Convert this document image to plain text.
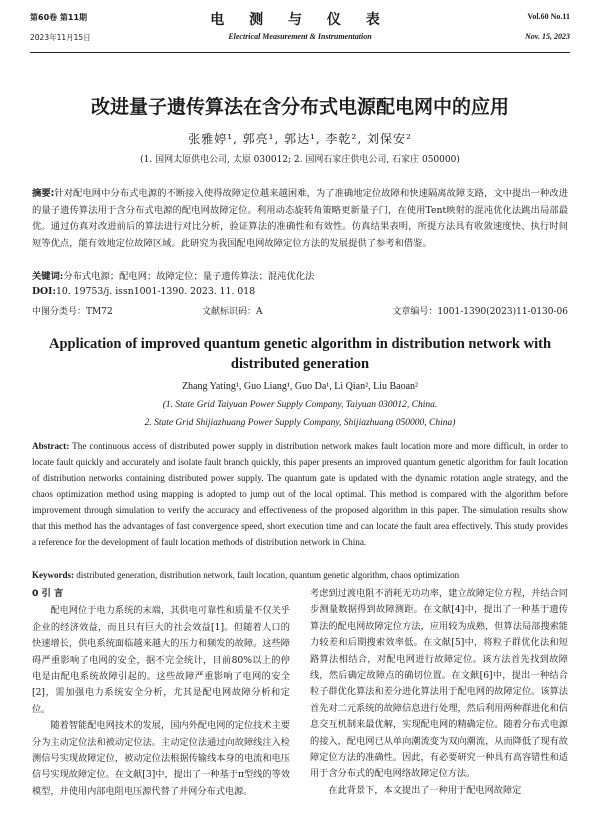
第60卷 第11期
2023年11月15日
电 测 与 仪 表
Electrical Measurement & Instrumentation
Vol.60 No.11
Nov. 15, 2023
改进量子遗传算法在含分布式电源配电网中的应用
张雅婷¹, 郭亮¹, 郭达¹, 李乾², 刘保安²
(1. 国网太原供电公司, 太原 030012; 2. 国网石家庄供电公司, 石家庄 050000)
摘要:针对配电网中分布式电源的不断接入使得故障定位越来越困难，为了准确地定位故障和快速隔离故障支路，文中提出一种改进的量子遗传算法用于含分布式电源的配电网故障定位。利用动态旋转角策略更新量子门，在使用Tent映射的混沌优化法跳出局部最优。通过仿真对改进前后的算法进行对比分析，验证算法的准确性和有效性。仿真结果表明，所提方法具有收敛速度快、执行时间短等优点，能有效地定位故障区域。此研究为我国配电网故障定位方法的发展提供了参考和借鉴。
关键词:分布式电源；配电网；故障定位；量子遗传算法；混沌优化法
DOI:10. 19753/j. issn1001-1390. 2023. 11. 018
中图分类号：TM72	文献标识码：A	文章编号：1001-1390(2023)11-0130-06
Application of improved quantum genetic algorithm in distribution network with distributed generation
Zhang Yating¹, Guo Liang¹, Guo Da¹, Li Qian², Liu Baoan²
(1. State Grid Taiyuan Power Supply Company, Taiyuan 030012, China.
2. State Grid Shijiazhuang Power Supply Company, Shijiazhuang 050000, China)
Abstract: The continuous access of distributed power supply in distribution network makes fault location more and more difficult, in order to locate fault quickly and accurately and isolate fault branch quickly, this paper presents an improved quantum genetic algorithm for fault location of distribution networks containing distributed power supply. The quantum gate is updated with the dynamic rotation angle strategy, and the chaos optimization method using mapping is adopted to jump out of the local optimal. This method is compared with the algorithm before improvement through simulation to verify the accuracy and effectiveness of the proposed algorithm in this paper. The simulation results show that this method has the advantages of fast convergence speed, short execution time and can locate the fault area effectively. This study provides a reference for the development of fault location methods of distribution network in China.
Keywords: distributed generation, distribution network, fault location, quantum genetic algorithm, chaos optimization
0 引 言

配电网位于电力系统的末端，其供电可靠性和质量不仅关乎企业的经济效益，而且只有巨大的社会效益[1]。但随着人口的快速增长，供电系统面临越来越大的压力和频发的故障。这些障碍严重影响了电网的安全，据不完全统计，目前80%以上的停电是由配电系统故障引起的。这些故障严重影响了电网的安全[2]，需加强电力系统安全分析，尤其是配电网故障分析和定位。

随着智能配电网技术的发展，国内外配电网的定位技术主要分为主动定位法和被动定位法。主动定位法通过向故障线注入检测信号实现故障定位，被动定位法根据传输线本身的电流和电压信号实现故障定位。在文献[3]中，提出了一种基于π型线的等效模型，并使用内部电阻电压源代替了并网分布式电源。

考虑到过渡电阻不消耗无功功率，建立故障定位方程，并结合同步测量数据得到故障测距。在文献[4]中，提出了一种基于遗传算法的配电网故障定位方法，应用较为成熟，但算法局部搜索能力较差和后期搜索效率低。在文献[5]中，将粒子群优化法和短路算法相结合，对配电网进行故障定位。该方法首先找到故障线，然后确定故障点的确切位置。在文献[6]中，提出一种结合粒子群优化算法和差分进化算法用于配电网的故障定位。该算法首先对二元系统的故障信息进行处理，然后利用两种群进化和信息交互机制来最优解，实现配电网的精确定位。随着分布式电源的接入，配电网已从单向潮流变为双向潮流，从而降低了现有故障定位方法的准确性。因此，有必要研究一种具有高容错性和适用于含分布式的配电网络故障定位方法。

在此背景下，本文提出了一种用于配电网故障定
